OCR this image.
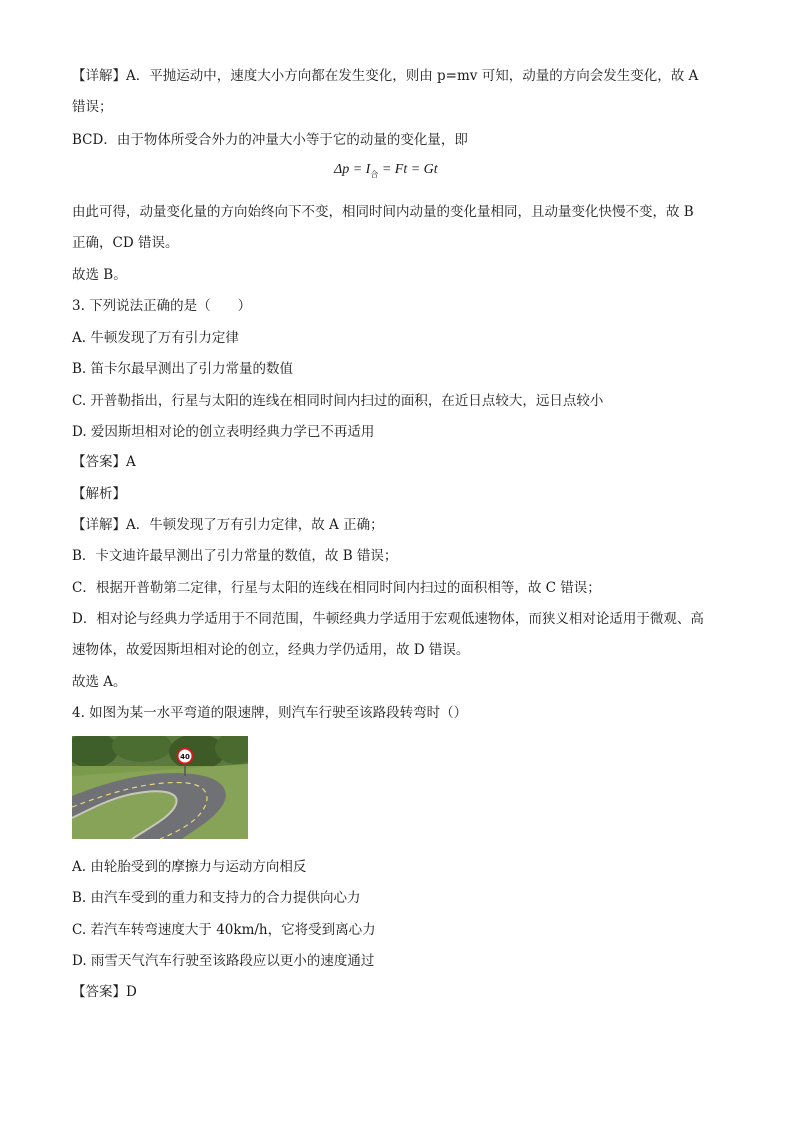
【详解】A．平抛运动中，速度大小方向都在发生变化，则由 p=mv 可知，动量的方向会发生变化，故 A
错误；
BCD．由于物体所受合外力的冲量大小等于它的动量的变化量，即
$\Delta p = I_合 = Ft = Gt$
由此可得，动量变化量的方向始终向下不变，相同时间内动量的变化量相同，且动量变化快慢不变，故 B
正确，CD 错误。
故选 B。
3. 下列说法正确的是（　　）
A. 牛顿发现了万有引力定律
B. 笛卡尔最早测出了引力常量的数值
C. 开普勒指出，行星与太阳的连线在相同时间内扫过的面积，在近日点较大，远日点较小
D. 爱因斯坦相对论的创立表明经典力学已不再适用
【答案】A
【解析】
【详解】A．牛顿发现了万有引力定律，故 A 正确；
B．卡文迪许最早测出了引力常量的数值，故 B 错误；
C．根据开普勒第二定律，行星与太阳的连线在相同时间内扫过的面积相等，故 C 错误；
D．相对论与经典力学适用于不同范围，牛顿经典力学适用于宏观低速物体，而狭义相对论适用于微观、高
速物体，故爱因斯坦相对论的创立，经典力学仍适用，故 D 错误。
故选 A。
4. 如图为某一水平弯道的限速牌，则汽车行驶至该路段转弯时（）
40
A. 由轮胎受到的摩擦力与运动方向相反
B. 由汽车受到的重力和支持力的合力提供向心力
C. 若汽车转弯速度大于 40km/h，它将受到离心力
D. 雨雪天气汽车行驶至该路段应以更小的速度通过
【答案】D
